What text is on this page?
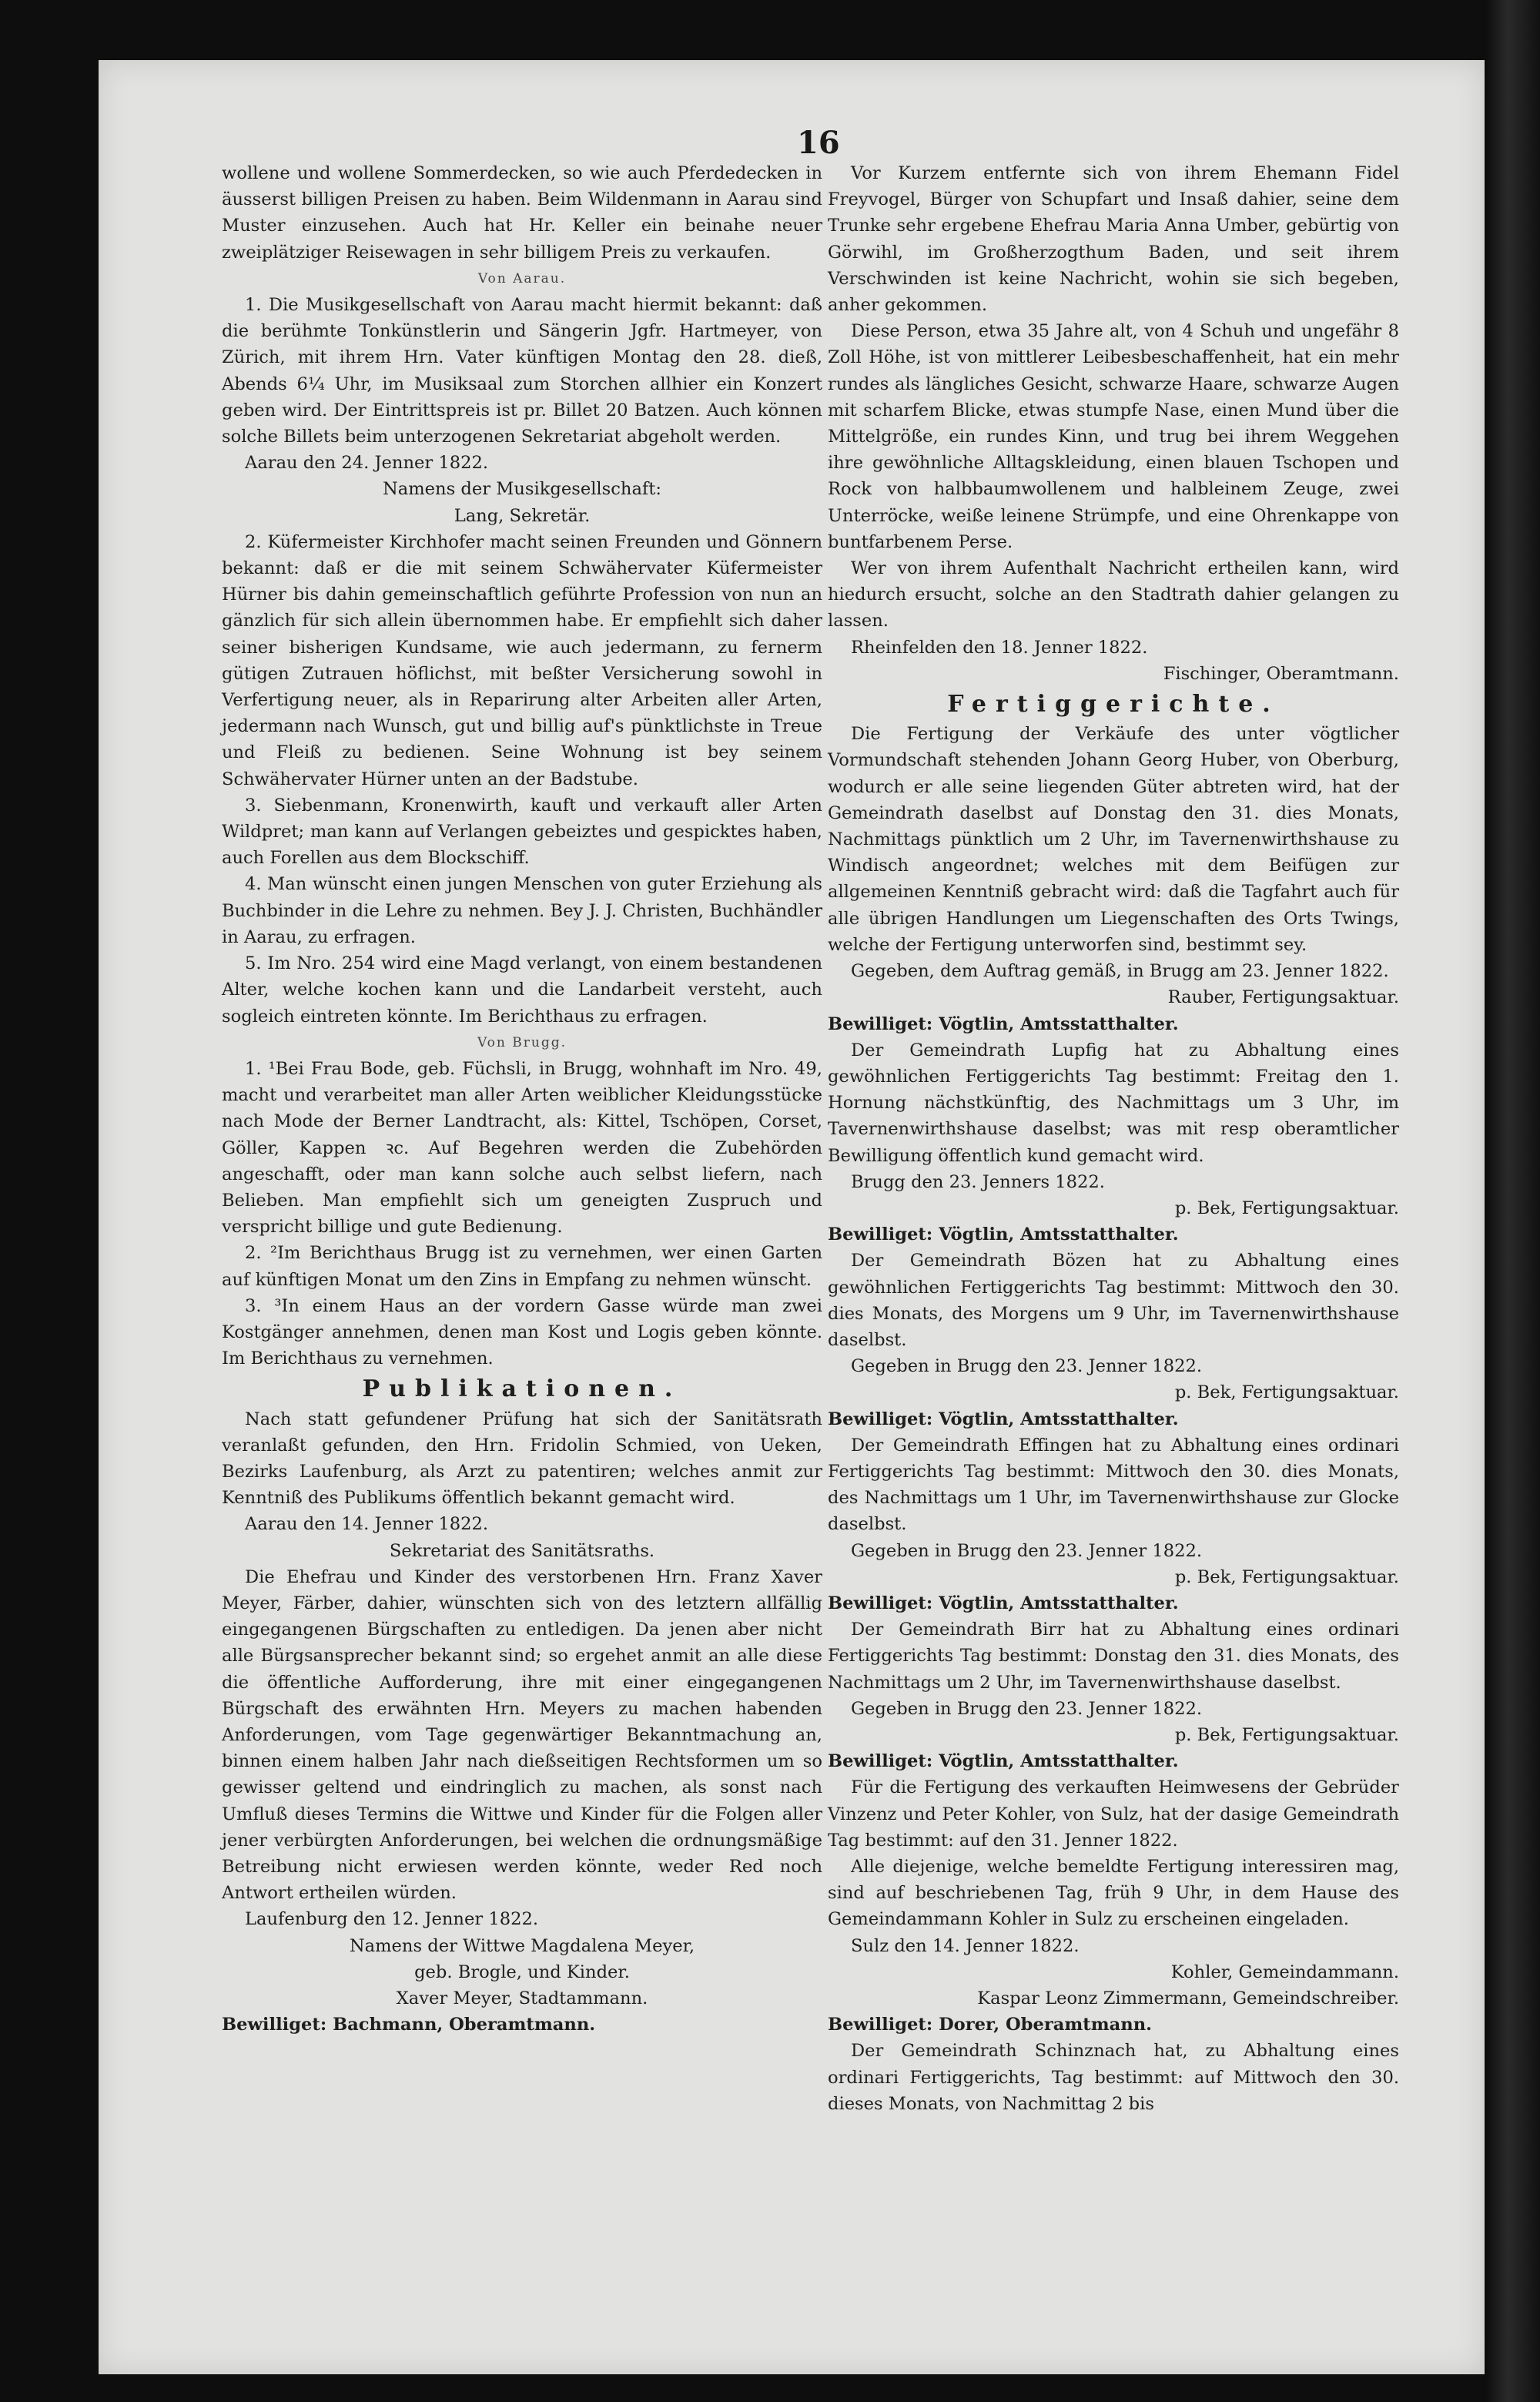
16

wollene und wollene Sommerdecken, so wie auch Pferdedecken in äusserst billigen Preisen zu haben. Beim Wildenmann in Aarau sind Muster einzusehen. Auch hat Hr. Keller ein beinahe neuer zweiplätziger Reisewagen in sehr billigem Preis zu verkaufen.

Von Aarau.

1. Die Musikgesellschaft von Aarau macht hiermit bekannt: daß die berühmte Tonkünstlerin und Sängerin Jgfr. Hartmeyer, von Zürich, mit ihrem Hrn. Vater künftigen Montag den 28. dieß, Abends 6¼ Uhr, im Musiksaal zum Storchen allhier ein Konzert geben wird. Der Eintrittspreis ist pr. Billet 20 Batzen. Auch können solche Billets beim unterzogenen Sekretariat abgeholt werden.

Aarau den 24. Jenner 1822.

Namens der Musikgesellschaft:

Lang, Sekretär.

2. Küfermeister Kirchhofer macht seinen Freunden und Gönnern bekannt: daß er die mit seinem Schwähervater Küfermeister Hürner bis dahin gemeinschaftlich geführte Profession von nun an gänzlich für sich allein übernommen habe. Er empfiehlt sich daher seiner bisherigen Kundsame, wie auch jedermann, zu fernerm gütigen Zutrauen höflichst, mit beßter Versicherung sowohl in Verfertigung neuer, als in Reparirung alter Arbeiten aller Arten, jedermann nach Wunsch, gut und billig auf's pünktlichste in Treue und Fleiß zu bedienen. Seine Wohnung ist bey seinem Schwähervater Hürner unten an der Badstube.

3. Siebenmann, Kronenwirth, kauft und verkauft aller Arten Wildpret; man kann auf Verlangen gebeiztes und gespicktes haben, auch Forellen aus dem Blockschiff.

4. Man wünscht einen jungen Menschen von guter Erziehung als Buchbinder in die Lehre zu nehmen. Bey J. J. Christen, Buchhändler in Aarau, zu erfragen.

5. Im Nro. 254 wird eine Magd verlangt, von einem bestandenen Alter, welche kochen kann und die Landarbeit versteht, auch sogleich eintreten könnte. Im Berichthaus zu erfragen.

Von Brugg.

1. ¹Bei Frau Bode, geb. Füchsli, in Brugg, wohnhaft im Nro. 49, macht und verarbeitet man aller Arten weiblicher Kleidungsstücke nach Mode der Berner Landtracht, als: Kittel, Tschöpen, Corset, Göller, Kappen ꝛc. Auf Begehren werden die Zubehörden angeschafft, oder man kann solche auch selbst liefern, nach Belieben. Man empfiehlt sich um geneigten Zuspruch und verspricht billige und gute Bedienung.

2. ²Im Berichthaus Brugg ist zu vernehmen, wer einen Garten auf künftigen Monat um den Zins in Empfang zu nehmen wünscht.

3. ³In einem Haus an der vordern Gasse würde man zwei Kostgänger annehmen, denen man Kost und Logis geben könnte. Im Berichthaus zu vernehmen.

Publikationen.

Nach statt gefundener Prüfung hat sich der Sanitätsrath veranlaßt gefunden, den Hrn. Fridolin Schmied, von Ueken, Bezirks Laufenburg, als Arzt zu patentiren; welches anmit zur Kenntniß des Publikums öffentlich bekannt gemacht wird.

Aarau den 14. Jenner 1822.

Sekretariat des Sanitätsraths.

Die Ehefrau und Kinder des verstorbenen Hrn. Franz Xaver Meyer, Färber, dahier, wünschten sich von des letztern allfällig eingegangenen Bürgschaften zu entledigen. Da jenen aber nicht alle Bürgsansprecher bekannt sind; so ergehet anmit an alle diese die öffentliche Aufforderung, ihre mit einer eingegangenen Bürgschaft des erwähnten Hrn. Meyers zu machen habenden Anforderungen, vom Tage gegenwärtiger Bekanntmachung an, binnen einem halben Jahr nach dießseitigen Rechtsformen um so gewisser geltend und eindringlich zu machen, als sonst nach Umfluß dieses Termins die Wittwe und Kinder für die Folgen aller jener verbürgten Anforderungen, bei welchen die ordnungsmäßige Betreibung nicht erwiesen werden könnte, weder Red noch Antwort ertheilen würden.

Laufenburg den 12. Jenner 1822.

Namens der Wittwe Magdalena Meyer,

geb. Brogle, und Kinder.

Xaver Meyer, Stadtammann.

Bewilliget: Bachmann, Oberamtmann.

Vor Kurzem entfernte sich von ihrem Ehemann Fidel Freyvogel, Bürger von Schupfart und Insaß dahier, seine dem Trunke sehr ergebene Ehefrau Maria Anna Umber, gebürtig von Görwihl, im Großherzogthum Baden, und seit ihrem Verschwinden ist keine Nachricht, wohin sie sich begeben, anher gekommen.

Diese Person, etwa 35 Jahre alt, von 4 Schuh und ungefähr 8 Zoll Höhe, ist von mittlerer Leibesbeschaffenheit, hat ein mehr rundes als längliches Gesicht, schwarze Haare, schwarze Augen mit scharfem Blicke, etwas stumpfe Nase, einen Mund über die Mittelgröße, ein rundes Kinn, und trug bei ihrem Weggehen ihre gewöhnliche Alltagskleidung, einen blauen Tschopen und Rock von halbbaumwollenem und halbleinem Zeuge, zwei Unterröcke, weiße leinene Strümpfe, und eine Ohrenkappe von buntfarbenem Perse.

Wer von ihrem Aufenthalt Nachricht ertheilen kann, wird hiedurch ersucht, solche an den Stadtrath dahier gelangen zu lassen.

Rheinfelden den 18. Jenner 1822.

Fischinger, Oberamtmann.

Fertiggerichte.

Die Fertigung der Verkäufe des unter vögtlicher Vormundschaft stehenden Johann Georg Huber, von Oberburg, wodurch er alle seine liegenden Güter abtreten wird, hat der Gemeindrath daselbst auf Donstag den 31. dies Monats, Nachmittags pünktlich um 2 Uhr, im Tavernenwirthshause zu Windisch angeordnet; welches mit dem Beifügen zur allgemeinen Kenntniß gebracht wird: daß die Tagfahrt auch für alle übrigen Handlungen um Liegenschaften des Orts Twings, welche der Fertigung unterworfen sind, bestimmt sey.

Gegeben, dem Auftrag gemäß, in Brugg am 23. Jenner 1822.

Rauber, Fertigungsaktuar.

Bewilliget: Vögtlin, Amtsstatthalter.

Der Gemeindrath Lupfig hat zu Abhaltung eines gewöhnlichen Fertiggerichts Tag bestimmt: Freitag den 1. Hornung nächstkünftig, des Nachmittags um 3 Uhr, im Tavernenwirthshause daselbst; was mit resp oberamtlicher Bewilligung öffentlich kund gemacht wird.

Brugg den 23. Jenners 1822.

p. Bek, Fertigungsaktuar.

Bewilliget: Vögtlin, Amtsstatthalter.

Der Gemeindrath Bözen hat zu Abhaltung eines gewöhnlichen Fertiggerichts Tag bestimmt: Mittwoch den 30. dies Monats, des Morgens um 9 Uhr, im Tavernenwirthshause daselbst.

Gegeben in Brugg den 23. Jenner 1822.

p. Bek, Fertigungsaktuar.

Bewilliget: Vögtlin, Amtsstatthalter.

Der Gemeindrath Effingen hat zu Abhaltung eines ordinari Fertiggerichts Tag bestimmt: Mittwoch den 30. dies Monats, des Nachmittags um 1 Uhr, im Tavernenwirthshause zur Glocke daselbst.

Gegeben in Brugg den 23. Jenner 1822.

p. Bek, Fertigungsaktuar.

Bewilliget: Vögtlin, Amtsstatthalter.

Der Gemeindrath Birr hat zu Abhaltung eines ordinari Fertiggerichts Tag bestimmt: Donstag den 31. dies Monats, des Nachmittags um 2 Uhr, im Tavernenwirthshause daselbst.

Gegeben in Brugg den 23. Jenner 1822.

p. Bek, Fertigungsaktuar.

Bewilliget: Vögtlin, Amtsstatthalter.

Für die Fertigung des verkauften Heimwesens der Gebrüder Vinzenz und Peter Kohler, von Sulz, hat der dasige Gemeindrath Tag bestimmt: auf den 31. Jenner 1822.

Alle diejenige, welche bemeldte Fertigung interessiren mag, sind auf beschriebenen Tag, früh 9 Uhr, in dem Hause des Gemeindammann Kohler in Sulz zu erscheinen eingeladen.

Sulz den 14. Jenner 1822.

Kohler, Gemeindammann.

Kaspar Leonz Zimmermann, Gemeindschreiber.

Bewilliget: Dorer, Oberamtmann.

Der Gemeindrath Schinznach hat, zu Abhaltung eines ordinari Fertiggerichts, Tag bestimmt: auf Mittwoch den 30. dieses Monats, von Nachmittag 2 bis
